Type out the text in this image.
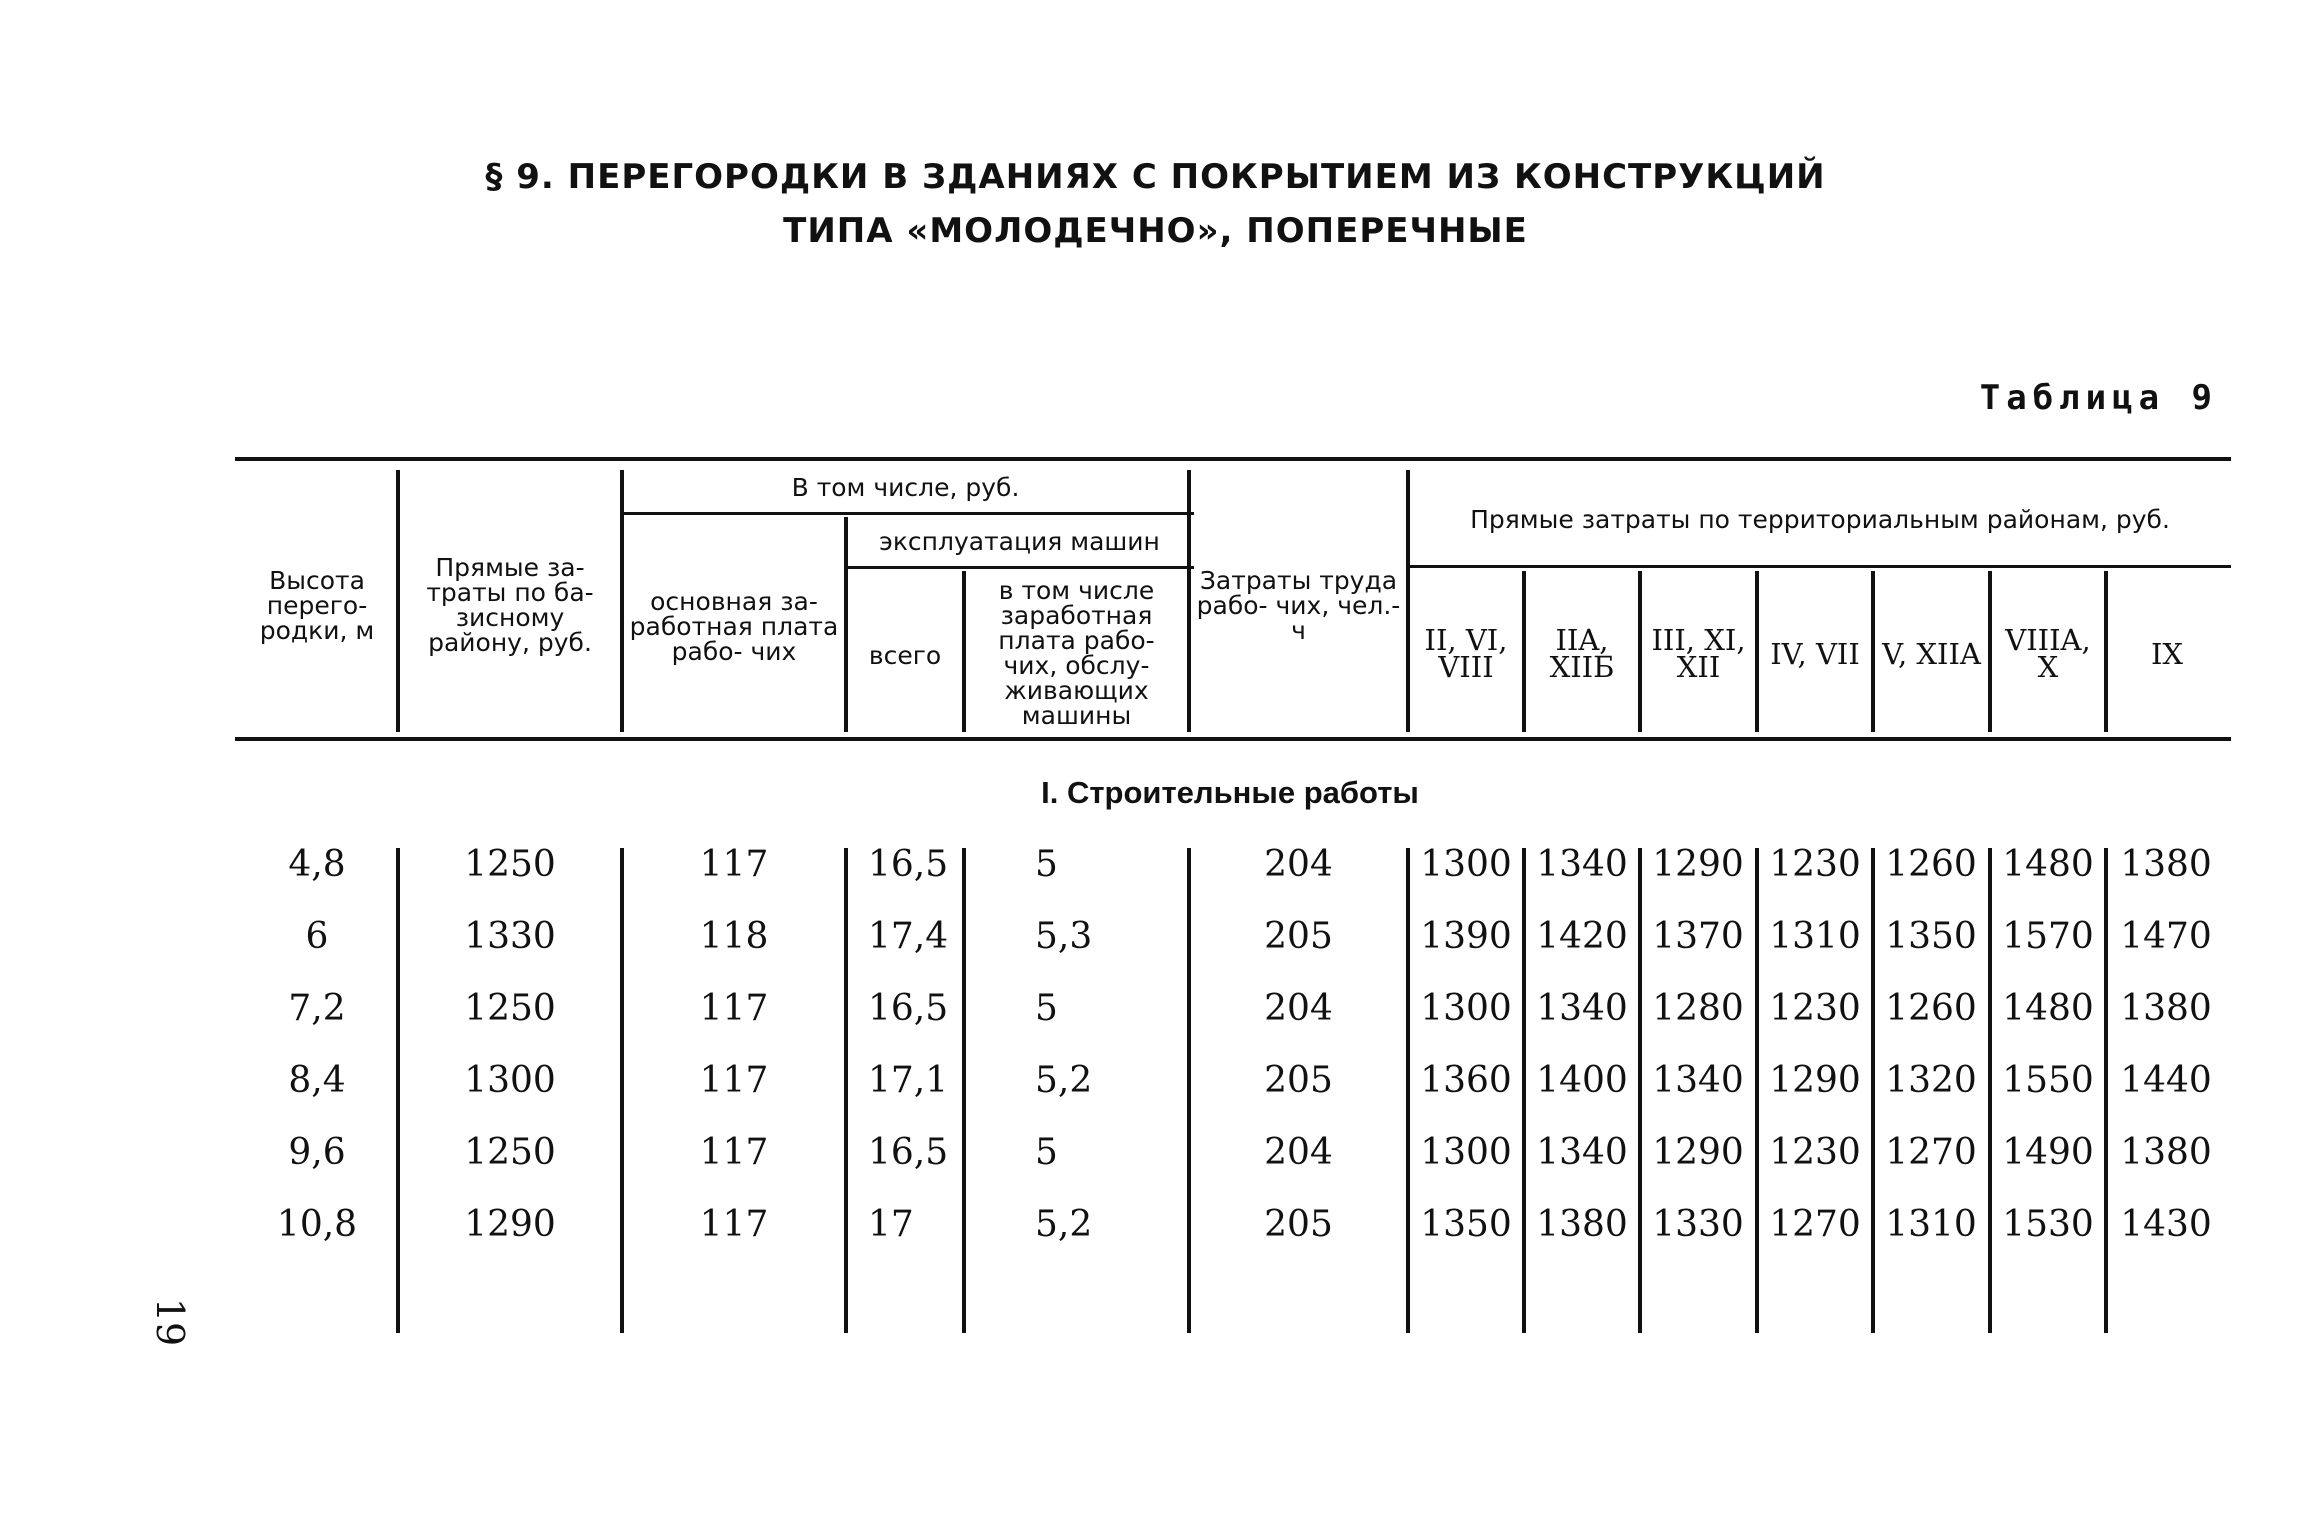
§ 9. ПЕРЕГОРОДКИ В ЗДАНИЯХ С ПОКРЫТИЕМ ИЗ КОНСТРУКЦИЙ
ТИПА «МОЛОДЕЧНО», ПОПЕРЕЧНЫЕ
Таблица 9
Высота перего- родки, м
Прямые за- траты по ба- зисному району, руб.
В том числе, руб.
основная за- работная плата рабо- чих
эксплуатация машин
всего
в том числе заработная плата рабо- чих, обслу- живающих машины
Затраты труда рабо- чих, чел.-ч
Прямые затраты по территориальным районам, руб.
II, VI, VIII
IIA, XIIБ
III, XI, XII	IV, VII V, XIIA VIIIA, X	IX
I. Строительные работы
4,8	1250	117	16,5 5	204	1300 1340 1290 1230 1260 1480 1380
6	1330	118	17,4 5,3	205	1390 1420 1370 1310 1350 1570 1470
7,2	1250	117	16,5 5	204	1300 1340 1280 1230 1260 1480 1380
8,4	1300	117	17,1 5,2	205	1360 1400 1340 1290 1320 1550 1440
9,6	1250	117	16,5 5	204	1300 1340 1290 1230 1270 1490 1380
10,8	1290	117	17	5,2	205	1350 1380 1330 1270 1310 1530 1430
19
